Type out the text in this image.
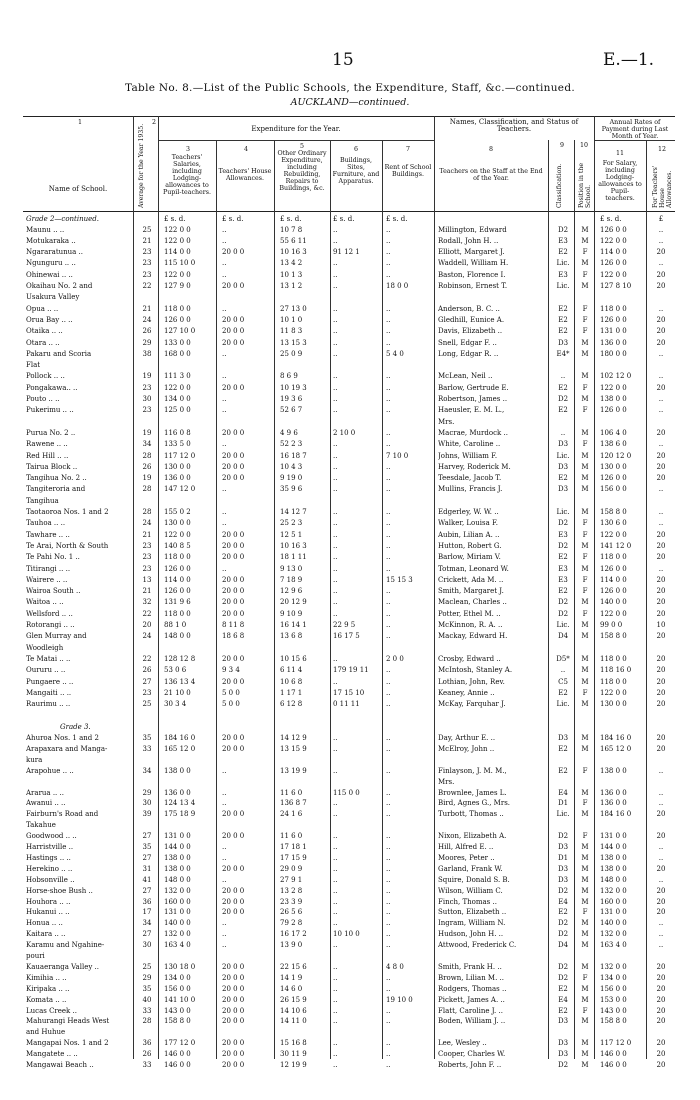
15	E.—1.
Table No. 8.—List of the Public Schools, the Expenditure, Staff, &c.—continued.
AUCKLAND—continued.
1
Name of School.	Average for the Year 1935.
2
Expenditure for the Year.
3
Teachers' Salaries, including Lodging-allowances to Pupil-teachers.
4
Teachers' House Allowances.
5
Other Ordinary Expenditure, including Rebuilding, Repairs to Buildings, &c.
6
Buildings, Sites, Furniture, and Apparatus.
7
Rent of School Buildings.
Names, Classification, and Status of Teachers.
8
Teachers on the Staff at the End of the Year.
9
Classification.
10
Position in the School.
Annual Rates of Payment during Last Month of Year.
11
For Salary, including Lodging-allowances to Pupil-teachers.
12
For Teachers' House Allowances.
Grade 2—continued.	£ s. d.	£ s. d.	£ s. d.	£ s. d.	£ s. d.	£ s. d.	£
Maunu .. ..	25	122 0 0	..	10 7 8	..	..	Millington, Edward	D2	M	126 0 0	..
Motukaraka ..	21	122 0 0	..	55 6 11	..	..	Rodall, John H. ..	E3	M	122 0 0	..
Ngararatunua ..	23	114 0 0	20 0 0	10 16 3	91 12 1	..	Elliott, Margaret J.	E2	F	114 0 0	20
Ngunguru .. ..	23	115 10 0	..	13 4 2	..	..	Waddell, William H.	Lic.	M	126 0 0	..
Ohinewai .. ..	23	122 0 0	..	10 1 3	..	..	Baston, Florence I.	E3	F	122 0 0	20
Okaihau No. 2 and	22	127 9 0	20 0 0	13 1 2	..	18 0 0	Robinson, Ernest T.	Lic.	M	127 8 10	20
Usakura Valley
Opua .. ..	21	118 0 0	..	27 13 0	..	..	Anderson, B. C. ..	E2	F	118 0 0	..
Orua Bay .. ..	24	126 0 0	20 0 0	10 1 0	..	..	Gledhill, Eunice A.	E2	F	126 0 0	20
Otaika .. ..	26	127 10 0	20 0 0	11 8 3	..	..	Davis, Elizabeth ..	E2	F	131 0 0	20
Otara .. ..	29	133 0 0	20 0 0	13 15 3	..	..	Snell, Edgar F. ..	D3	M	136 0 0	20
Pakaru and Scoria	38	168 0 0	..	25 0 9	..	5 4 0	Long, Edgar R. ..	E4*	M	180 0 0	..
Flat
Pollock .. ..	19	111 3 0	..	8 6 9	..	..	McLean, Neil ..	..	M	102 12 0	..
Pongakawa.. ..	23	122 0 0	20 0 0	10 19 3	..	..	Barlow, Gertrude E.	E2	F	122 0 0	20
Pouto .. ..	30	134 0 0	..	19 3 6	..	..	Robertson, James ..	D2	M	138 0 0	..
Pukerimu .. ..	23	125 0 0	..	52 6 7	..	..	Haeusler, E. M. L.,	E2	F	126 0 0	..
Mrs.
Purua No. 2 ..	19	116 0 8	20 0 0	4 9 6	2 10 0	..	Macrae, Murdock ..	..	M	106 4 0	20
Rawene .. ..	34	133 5 0	..	52 2 3	..	..	White, Caroline ..	D3	F	138 6 0	..
Red Hill .. ..	28	117 12 0	20 0 0	16 18 7	..	7 10 0	Johns, William F.	Lic.	M	120 12 0	20
Tairua Block ..	26	130 0 0	20 0 0	10 4 3	..	..	Harvey, Roderick M.	D3	M	130 0 0	20
Tangihua No. 2 ..	19	136 0 0	20 0 0	9 19 0	..	..	Teesdale, Jacob T.	E2	M	126 0 0	20
Tangiteroria and	28	147 12 0	..	35 9 6	..	..	Mullins, Francis J.	D3	M	156 0 0	..
Tangihua
Taotaoroa Nos. 1 and 2	28	155 0 2	..	14 12 7	..	..	Edgerley, W. W. ..	Lic.	M	158 8 0	..
Tauhoa .. ..	24	130 0 0	..	25 2 3	..	..	Walker, Louisa F.	D2	F	130 6 0	..
Tawhare .. ..	21	122 0 0	20 0 0	12 5 1	..	..	Aubin, Lilian A. ..	E3	F	122 0 0	20
Te Arai, North & South	23	140 8 5	20 0 0	10 16 3	..	..	Hutton, Robert G.	D2	M	141 12 0	20
Te Pahi No. 1 ..	23	118 0 0	20 0 0	18 1 11	..	..	Barlow, Miriam V.	E2	F	118 0 0	20
Titirangi .. ..	23	126 0 0	..	9 13 0	..	..	Totman, Leonard W.	E3	M	126 0 0	..
Wairere .. ..	13	114 0 0	20 0 0	7 18 9	..	15 15 3	Crickett, Ada M. ..	E3	F	114 0 0	20
Wairoa South ..	21	126 0 0	20 0 0	12 9 6	..	..	Smith, Margaret J.	E2	F	126 0 0	20
Waitoa .. ..	32	131 9 6	20 0 0	20 12 9	..	..	Maclean, Charles ..	D2	M	140 0 0	20
Wellsford .. ..	22	118 0 0	20 0 0	9 10 9	..	..	Potter, Ethel M. ..	D2	F	122 0 0	20
Rotorangi .. ..	20	88 1 0	8 11 8	16 14 1	22 9 5	..	McKinnon, R. A. ..	Lic.	M	99 0 0	10
Glen Murray and	24	148 0 0	18 6 8	13 6 8	16 17 5	..	Mackay, Edward H.	D4	M	158 8 0	20
Woodleigh
Te Matai .. ..	22	128 12 8	20 0 0	10 15 6	..	2 0 0	Crosby, Edward ..	D5*	M	118 0 0	20
Oururu .. ..	26	53 0 6	9 3 4	6 11 4	179 19 11	..	McIntosh, Stanley A.	..	M	118 16 0	20
Pungaere .. ..	27	136 13 4	20 0 0	10 6 8	..	..	Lothian, John, Rev.	C5	M	118 0 0	20
Mangaiti .. ..	23	21 10 0	5 0 0	1 17 1	17 15 10	..	Keaney, Annie ..	E2	F	122 0 0	20
Raurimu .. ..	25	30 3 4	5 0 0	6 12 8	0 11 11	..	McKay, Farquhar J.	Lic.	M	130 0 0	20
Grade 3.
Ahuroa Nos. 1 and 2	35	184 16 0	20 0 0	14 12 9	..	..	Day, Arthur E. ..	D3	M	184 16 0	20
Arapaxara and Manga-	33	165 12 0	20 0 0	13 15 9	..	..	McElroy, John ..	E2	M	165 12 0	20
kura
Arapohue .. ..	34	138 0 0	..	13 19 9	..	..	Finlayson, J. M. M.,	E2	F	138 0 0	..
Mrs.
Ararua .. ..	29	136 0 0	..	11 6 0	115 0 0	..	Brownlee, James L.	E4	M	136 0 0	..
Awanui .. ..	30	124 13 4	..	136 8 7	..	..	Bird, Agnes G., Mrs.	D1	F	136 0 0	..
Fairburn's Road and	39	175 18 9	20 0 0	24 1 6	..	..	Turbott, Thomas ..	Lic.	M	184 16 0	20
Takahue
Goodwood .. ..	27	131 0 0	20 0 0	11 6 0	..	..	Nixon, Elizabeth A.	D2	F	131 0 0	20
Harristville ..	35	144 0 0	..	17 18 1	..	..	Hill, Alfred E. ..	D3	M	144 0 0	..
Hastings .. ..	27	138 0 0	..	17 15 9	..	..	Moores, Peter ..	D1	M	138 0 0	..
Herekino .. ..	31	138 0 0	20 0 0	29 0 9	..	..	Garland, Frank W.	D3	M	138 0 0	20
Hobsonville ..	41	148 0 0	..	27 9 1	..	..	Squire, Donald S. B.	D3	M	148 0 0	..
Horse-shoe Bush ..	27	132 0 0	20 0 0	13 2 8	..	..	Wilson, William C.	D2	M	132 0 0	20
Houhora .. ..	36	160 0 0	20 0 0	23 3 9	..	..	Finch, Thomas ..	E4	M	160 0 0	20
Hukanui .. ..	17	131 0 0	20 0 0	26 5 6	..	..	Sutton, Elizabeth ..	E2	F	131 0 0	20
Honua .. ..	34	140 0 0	..	79 2 8	..	..	Ingram, William N.	D2	M	140 0 0	..
Kaitara .. ..	27	132 0 0	..	16 17 2	10 10 0	..	Hudson, John H. ..	D2	M	132 0 0	..
Karamu and Ngahine-	30	163 4 0	..	13 9 0	..	..	Attwood, Frederick C.	D4	M	163 4 0	..
pouri
Kauaeranga Valley ..	25	130 18 0	20 0 0	22 15 6	..	4 8 0	Smith, Frank H. ..	D2	M	132 0 0	20
Kimihia .. ..	29	134 0 0	20 0 0	14 1 9	..	..	Brown, Lilian M. ..	D2	F	134 0 0	20
Kiripaka .. ..	35	156 0 0	20 0 0	14 6 0	..	..	Rodgers, Thomas ..	E2	M	156 0 0	20
Komata .. ..	40	141 10 0	20 0 0	26 15 9	..	19 10 0	Pickett, James A. ..	E4	M	153 0 0	20
Lucas Creek ..	33	143 0 0	20 0 0	14 10 6	..	..	Flatt, Caroline J. ..	E2	F	143 0 0	20
Mahurangi Heads West	28	158 8 0	20 0 0	14 11 0	..	..	Boden, William J. ..	D3	M	158 8 0	20
and Huhue
Mangapai Nos. 1 and 2	36	177 12 0	20 0 0	15 16 8	..	..	Lee, Wesley ..	D3	M	117 12 0	20
Mangatete .. ..	26	146 0 0	20 0 0	30 11 9	..	..	Cooper, Charles W.	D3	M	146 0 0	20
Mangawai Beach ..	33	146 0 0	20 0 0	12 19 9	..	..	Roberts, John F. ..	D2	M	146 0 0	20
